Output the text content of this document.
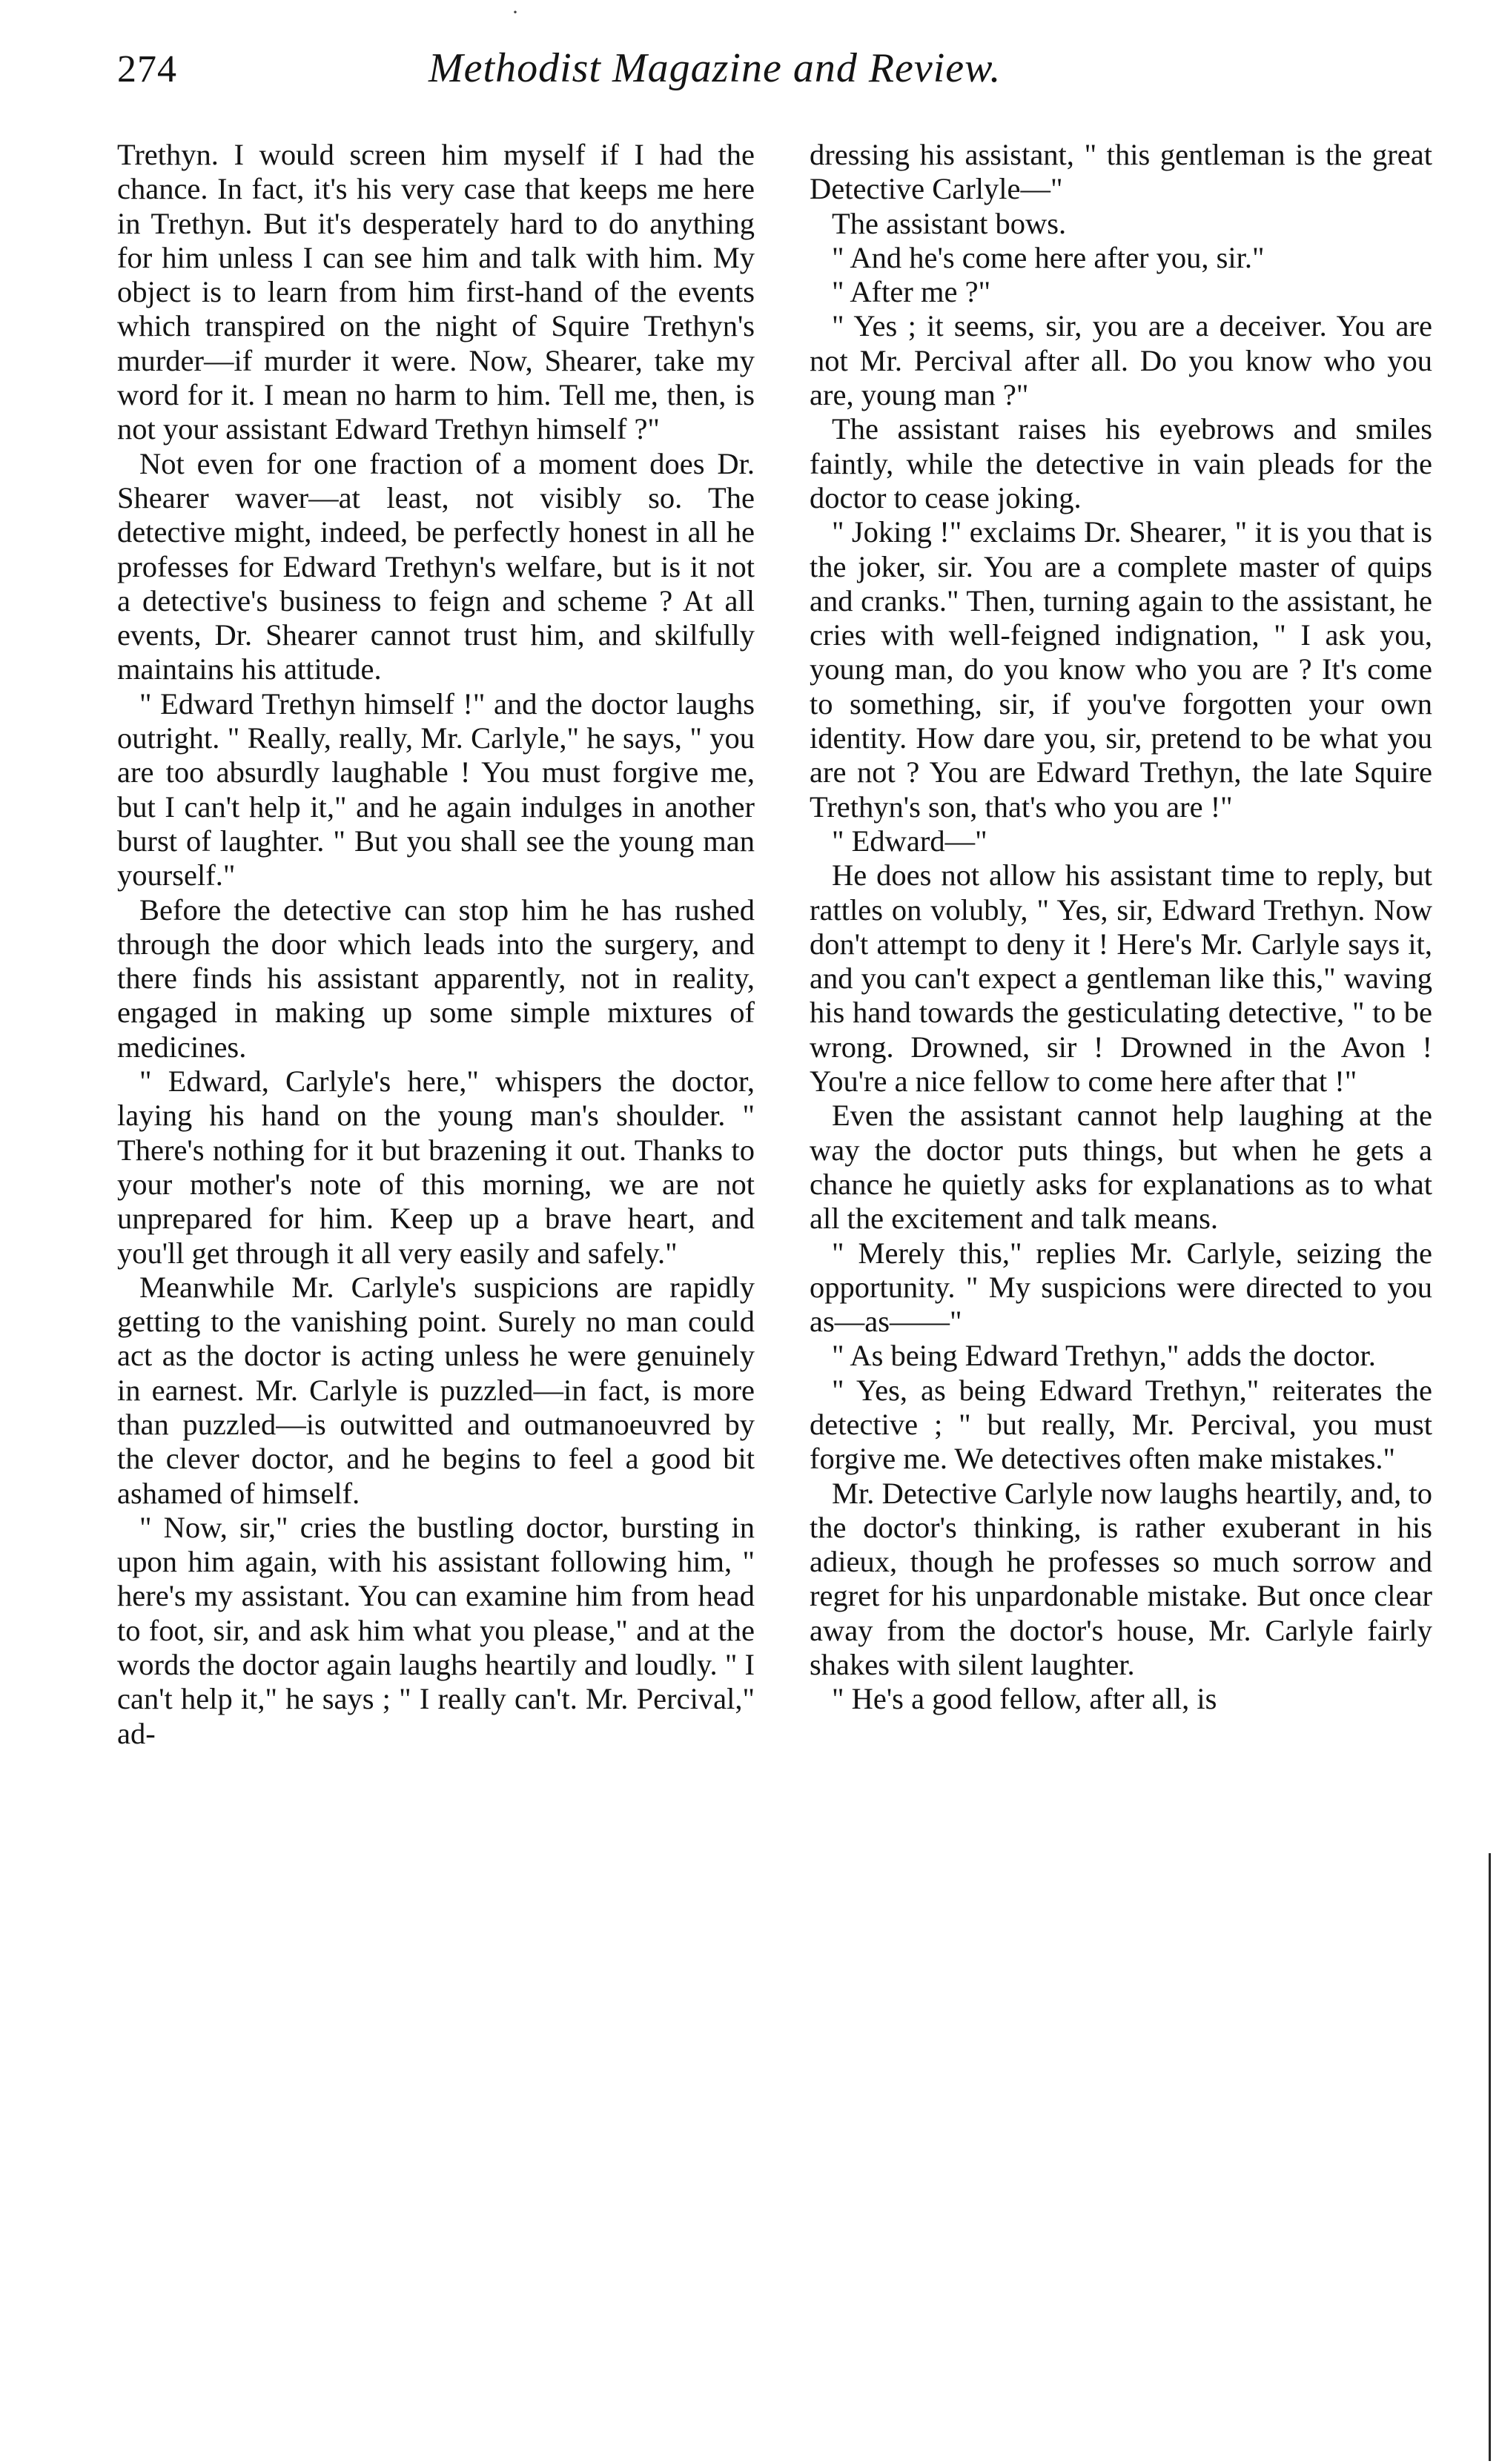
·
274	Methodist Magazine and Review.

Trethyn. I would screen him myself if I had the chance. In fact, it's his very case that keeps me here in Trethyn. But it's desperately hard to do anything for him unless I can see him and talk with him. My object is to learn from him first-hand of the events which transpired on the night of Squire Trethyn's murder—if murder it were. Now, Shearer, take my word for it. I mean no harm to him. Tell me, then, is not your assistant Edward Trethyn himself ?"

Not even for one fraction of a moment does Dr. Shearer waver—at least, not visibly so. The detective might, indeed, be perfectly honest in all he professes for Edward Trethyn's welfare, but is it not a detective's business to feign and scheme ? At all events, Dr. Shearer cannot trust him, and skilfully maintains his attitude.

" Edward Trethyn himself !" and the doctor laughs outright. " Really, really, Mr. Carlyle," he says, " you are too absurdly laughable ! You must forgive me, but I can't help it," and he again indulges in another burst of laughter. " But you shall see the young man yourself."

Before the detective can stop him he has rushed through the door which leads into the surgery, and there finds his assistant apparently, not in reality, engaged in making up some simple mixtures of medicines.

" Edward, Carlyle's here," whispers the doctor, laying his hand on the young man's shoulder. " There's nothing for it but brazening it out. Thanks to your mother's note of this morning, we are not unprepared for him. Keep up a brave heart, and you'll get through it all very easily and safely."

Meanwhile Mr. Carlyle's suspicions are rapidly getting to the vanishing point. Surely no man could act as the doctor is acting unless he were genuinely in earnest. Mr. Carlyle is puzzled—in fact, is more than puzzled—is outwitted and outmanoeuvred by the clever doctor, and he begins to feel a good bit ashamed of himself.

" Now, sir," cries the bustling doctor, bursting in upon him again, with his assistant following him, " here's my assistant. You can examine him from head to foot, sir, and ask him what you please," and at the words the doctor again laughs heartily and loudly. " I can't help it," he says ; " I really can't. Mr. Percival," ad-

dressing his assistant, " this gentleman is the great Detective Carlyle—"

The assistant bows.

" And he's come here after you, sir."

" After me ?"

" Yes ; it seems, sir, you are a deceiver. You are not Mr. Percival after all. Do you know who you are, young man ?"

The assistant raises his eyebrows and smiles faintly, while the detective in vain pleads for the doctor to cease joking.

" Joking !" exclaims Dr. Shearer, " it is you that is the joker, sir. You are a complete master of quips and cranks." Then, turning again to the assistant, he cries with well-feigned indignation, " I ask you, young man, do you know who you are ? It's come to something, sir, if you've forgotten your own identity. How dare you, sir, pretend to be what you are not ? You are Edward Trethyn, the late Squire Trethyn's son, that's who you are !"

" Edward—"

He does not allow his assistant time to reply, but rattles on volubly, " Yes, sir, Edward Trethyn. Now don't attempt to deny it ! Here's Mr. Carlyle says it, and you can't expect a gentleman like this," waving his hand towards the gesticulating detective, " to be wrong. Drowned, sir ! Drowned in the Avon ! You're a nice fellow to come here after that !"

Even the assistant cannot help laughing at the way the doctor puts things, but when he gets a chance he quietly asks for explanations as to what all the excitement and talk means.

" Merely this," replies Mr. Carlyle, seizing the opportunity. " My suspicions were directed to you as—as——"

" As being Edward Trethyn," adds the doctor.

" Yes, as being Edward Trethyn," reiterates the detective ; " but really, Mr. Percival, you must forgive me. We detectives often make mistakes."

Mr. Detective Carlyle now laughs heartily, and, to the doctor's thinking, is rather exuberant in his adieux, though he professes so much sorrow and regret for his unpardonable mistake. But once clear away from the doctor's house, Mr. Carlyle fairly shakes with silent laughter.

" He's a good fellow, after all, is
